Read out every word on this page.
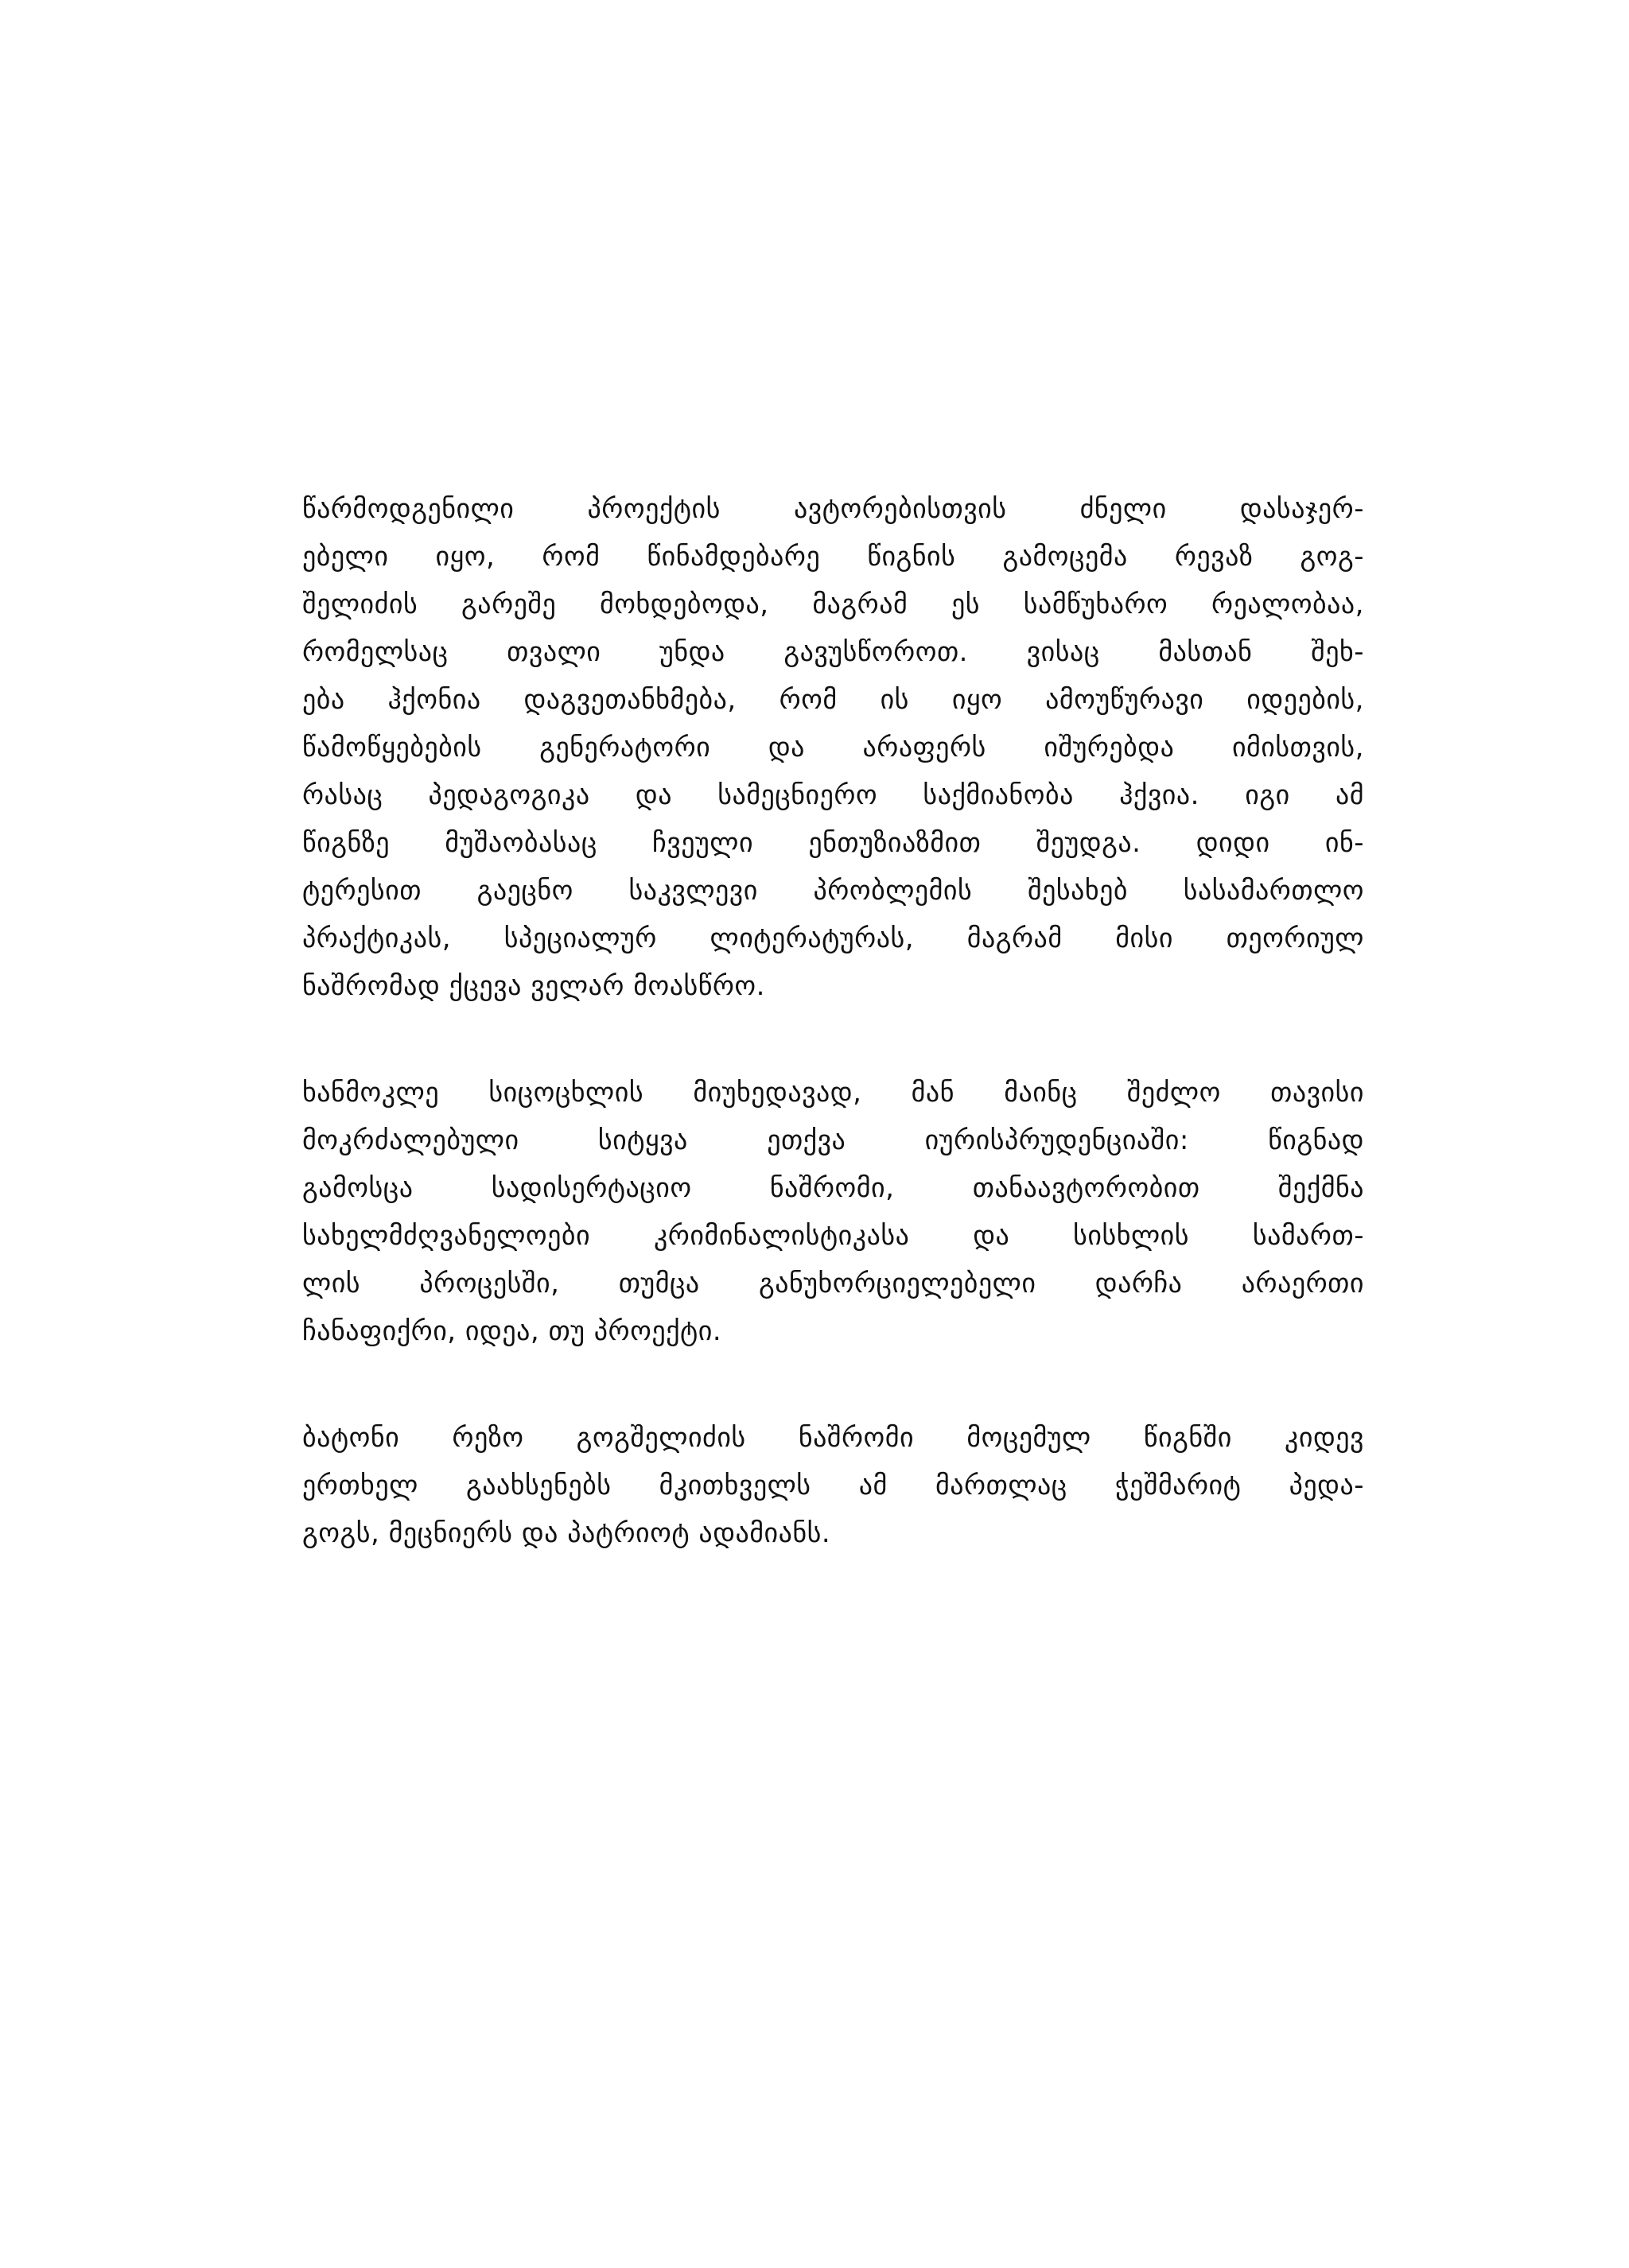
წარმოდგენილი პროექტის ავტორებისთვის ძნელი დასაჯერ-
ებელი იყო, რომ წინამდებარე წიგნის გამოცემა რევაზ გოგ-
შელიძის გარეშე მოხდებოდა, მაგრამ ეს სამწუხარო რეალობაა,
რომელსაც თვალი უნდა გავუსწოროთ. ვისაც მასთან შეხ-
ება ჰქონია დაგვეთანხმება, რომ ის იყო ამოუწურავი იდეების,
წამოწყებების გენერატორი და არაფერს იშურებდა იმისთვის,
რასაც პედაგოგიკა და სამეცნიერო საქმიანობა ჰქვია. იგი ამ
წიგნზე მუშაობასაც ჩვეული ენთუზიაზმით შეუდგა. დიდი ინ-
ტერესით გაეცნო საკვლევი პრობლემის შესახებ სასამართლო
პრაქტიკას, სპეციალურ ლიტერატურას, მაგრამ მისი თეორიულ
ნაშრომად ქცევა ველარ მოასწრო.
ხანმოკლე სიცოცხლის მიუხედავად, მან მაინც შეძლო თავისი
მოკრძალებული სიტყვა ეთქვა იურისპრუდენციაში: წიგნად
გამოსცა სადისერტაციო ნაშრომი, თანაავტორობით შექმნა
სახელმძღვანელოები კრიმინალისტიკასა და სისხლის სამართ-
ლის პროცესში, თუმცა განუხორციელებელი დარჩა არაერთი
ჩანაფიქრი, იდეა, თუ პროექტი.
ბატონი რეზო გოგშელიძის ნაშრომი მოცემულ წიგნში კიდევ
ერთხელ გაახსენებს მკითხველს ამ მართლაც ჭეშმარიტ პედა-
გოგს, მეცნიერს და პატრიოტ ადამიანს.
